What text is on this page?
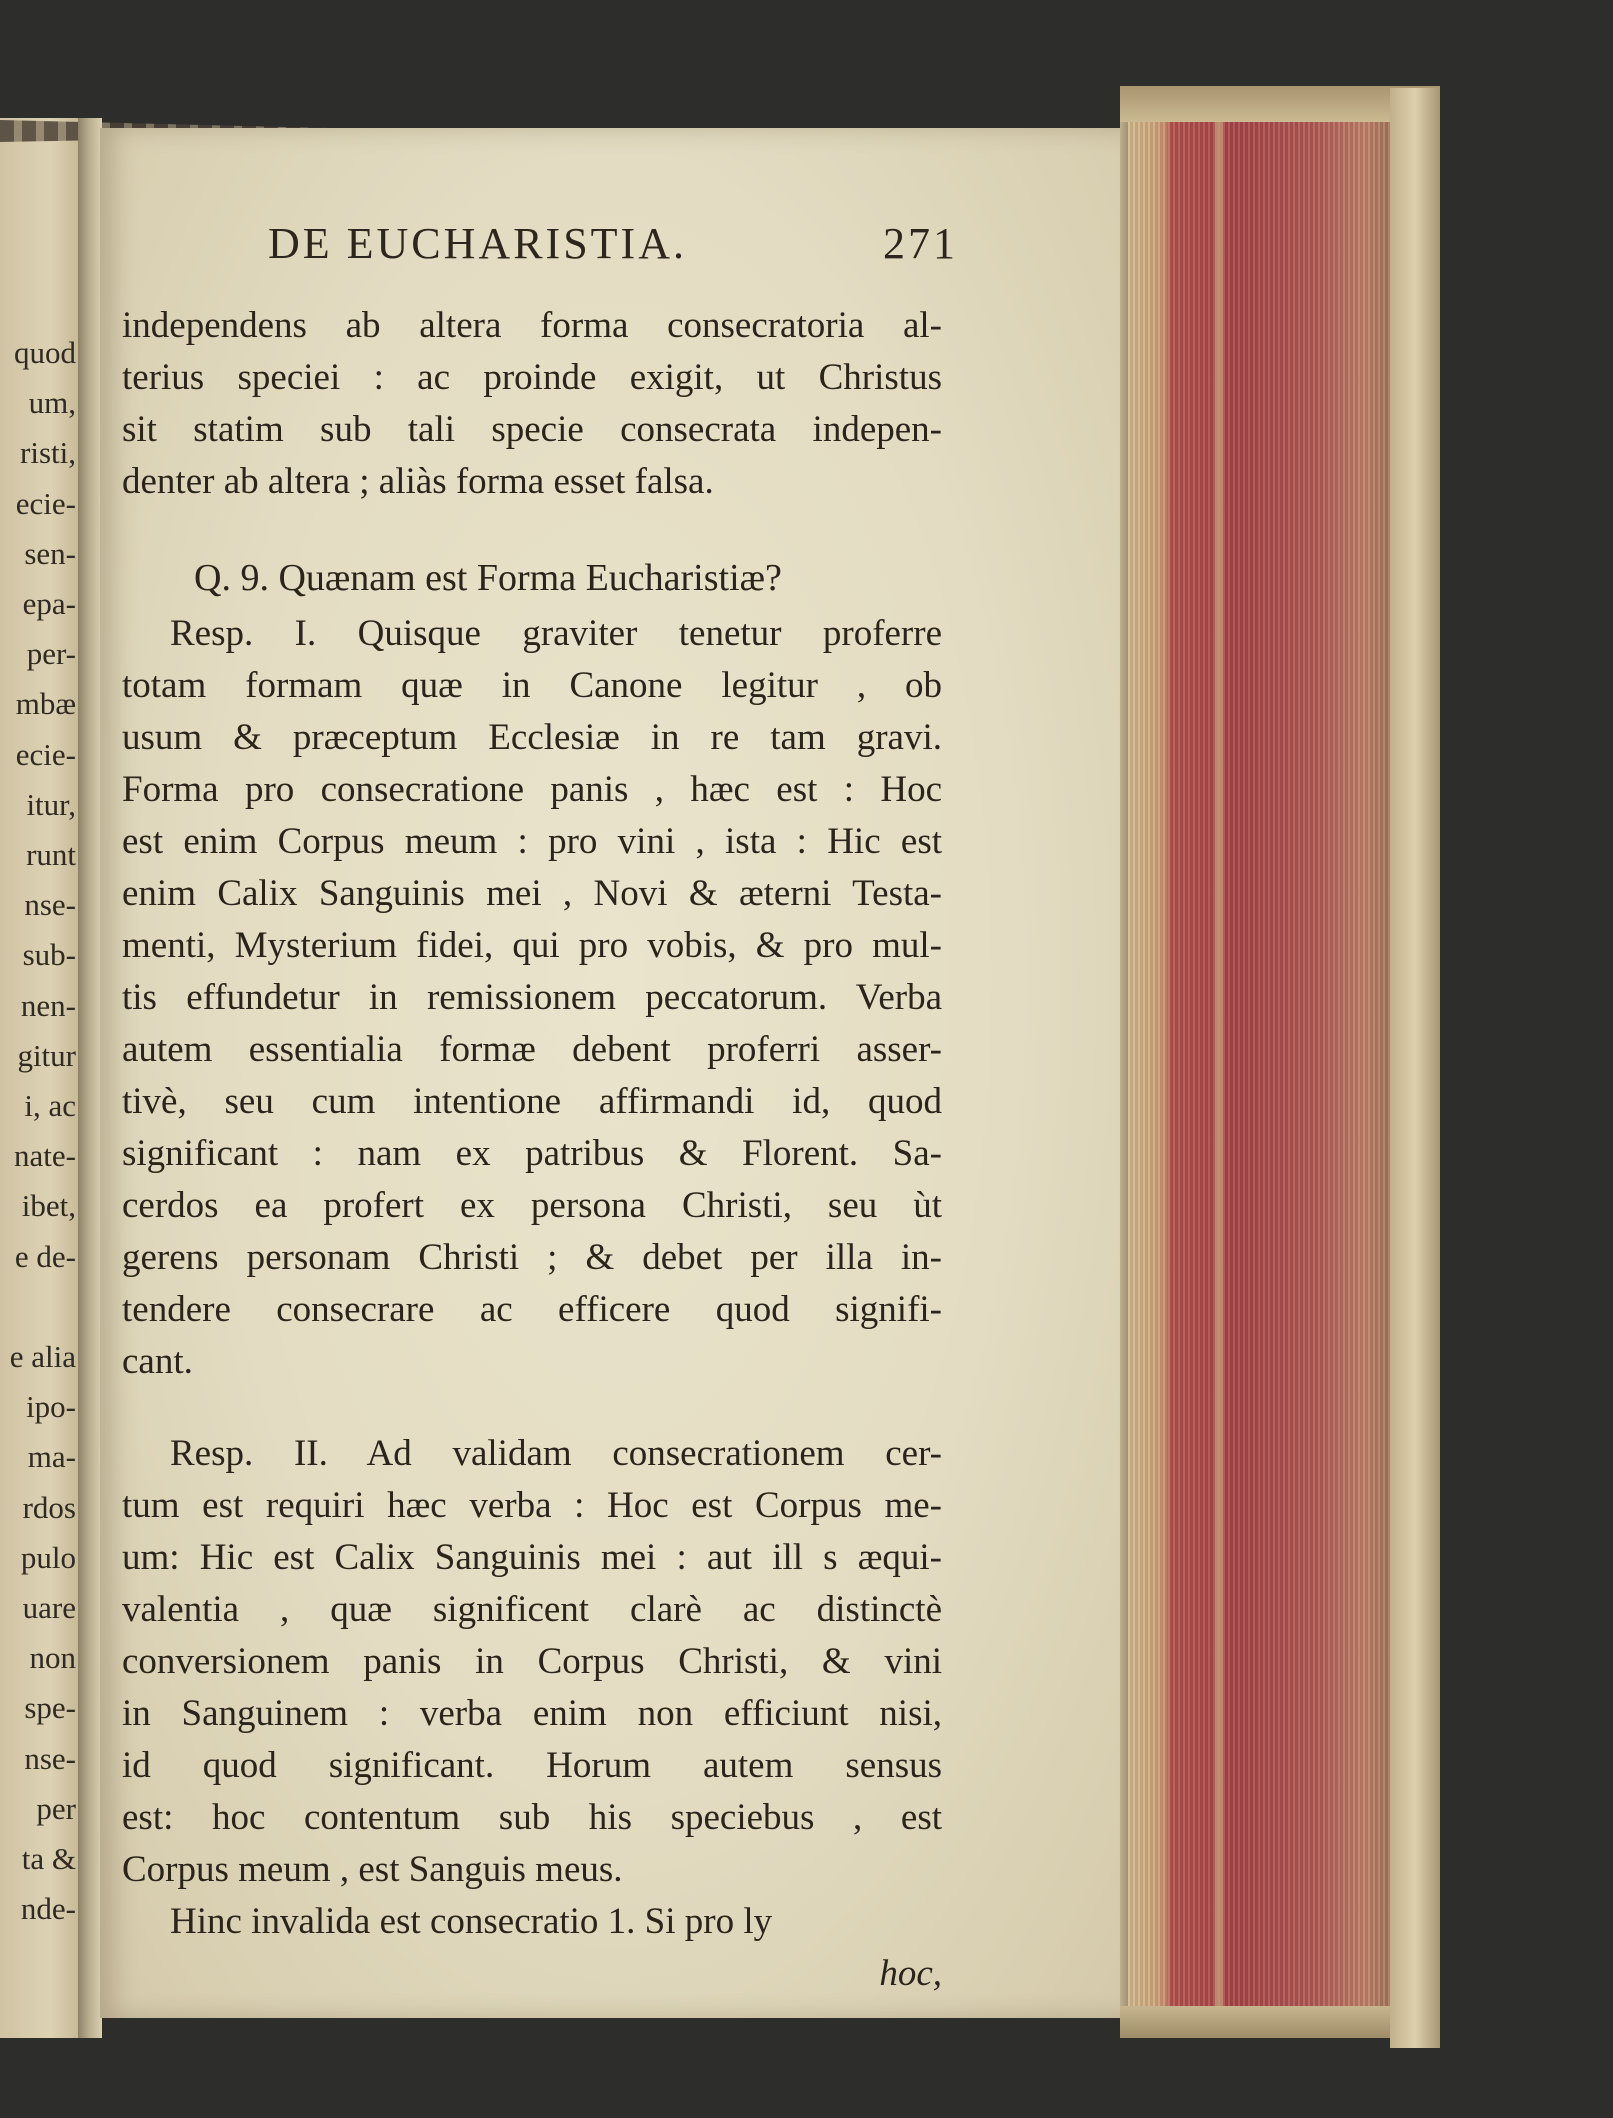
quod
um,
risti,
ecie-
sen-
epa-
per-
mbæ
ecie-
itur,
runt
nse-
sub-
nen-
gitur
i, ac
nate-
ibet,
e de-

e alia
ipo-
ma-
rdos
pulo
uare
non
spe-
nse-
per
ta &
nde-
DE EUCHARISTIA.	271
independens ab altera forma consecratoria al-
terius speciei : ac proinde exigit, ut Christus
sit statim sub tali specie consecrata indepen-
denter ab altera ; aliàs forma esset falsa.
Q. 9. Quænam est Forma Eucharistiæ?
Resp. I. Quisque graviter tenetur proferre
totam formam quæ in Canone legitur , ob
usum & præceptum Ecclesiæ in re tam gravi.
Forma pro consecratione panis , hæc est : Hoc
est enim Corpus meum : pro vini , ista : Hic est
enim Calix Sanguinis mei , Novi & æterni Testa-
menti, Mysterium fidei, qui pro vobis, & pro mul-
tis effundetur in remissionem peccatorum. Verba
autem essentialia formæ debent proferri asser-
tivè, seu cum intentione affirmandi id, quod
significant : nam ex patribus & Florent. Sa-
cerdos ea profert ex persona Christi, seu ùt
gerens personam Christi ; & debet per illa in-
tendere consecrare ac efficere quod signifi-
cant.
Resp. II. Ad validam consecrationem cer-
tum est requiri hæc verba : Hoc est Corpus me-
um: Hic est Calix Sanguinis mei : aut ill s æqui-
valentia , quæ significent clarè ac distinctè
conversionem panis in Corpus Christi, & vini
in Sanguinem : verba enim non efficiunt nisi,
id quod significant. Horum autem sensus
est: hoc contentum sub his speciebus , est
Corpus meum , est Sanguis meus.
Hinc invalida est consecratio 1. Si pro ly
hoc,
